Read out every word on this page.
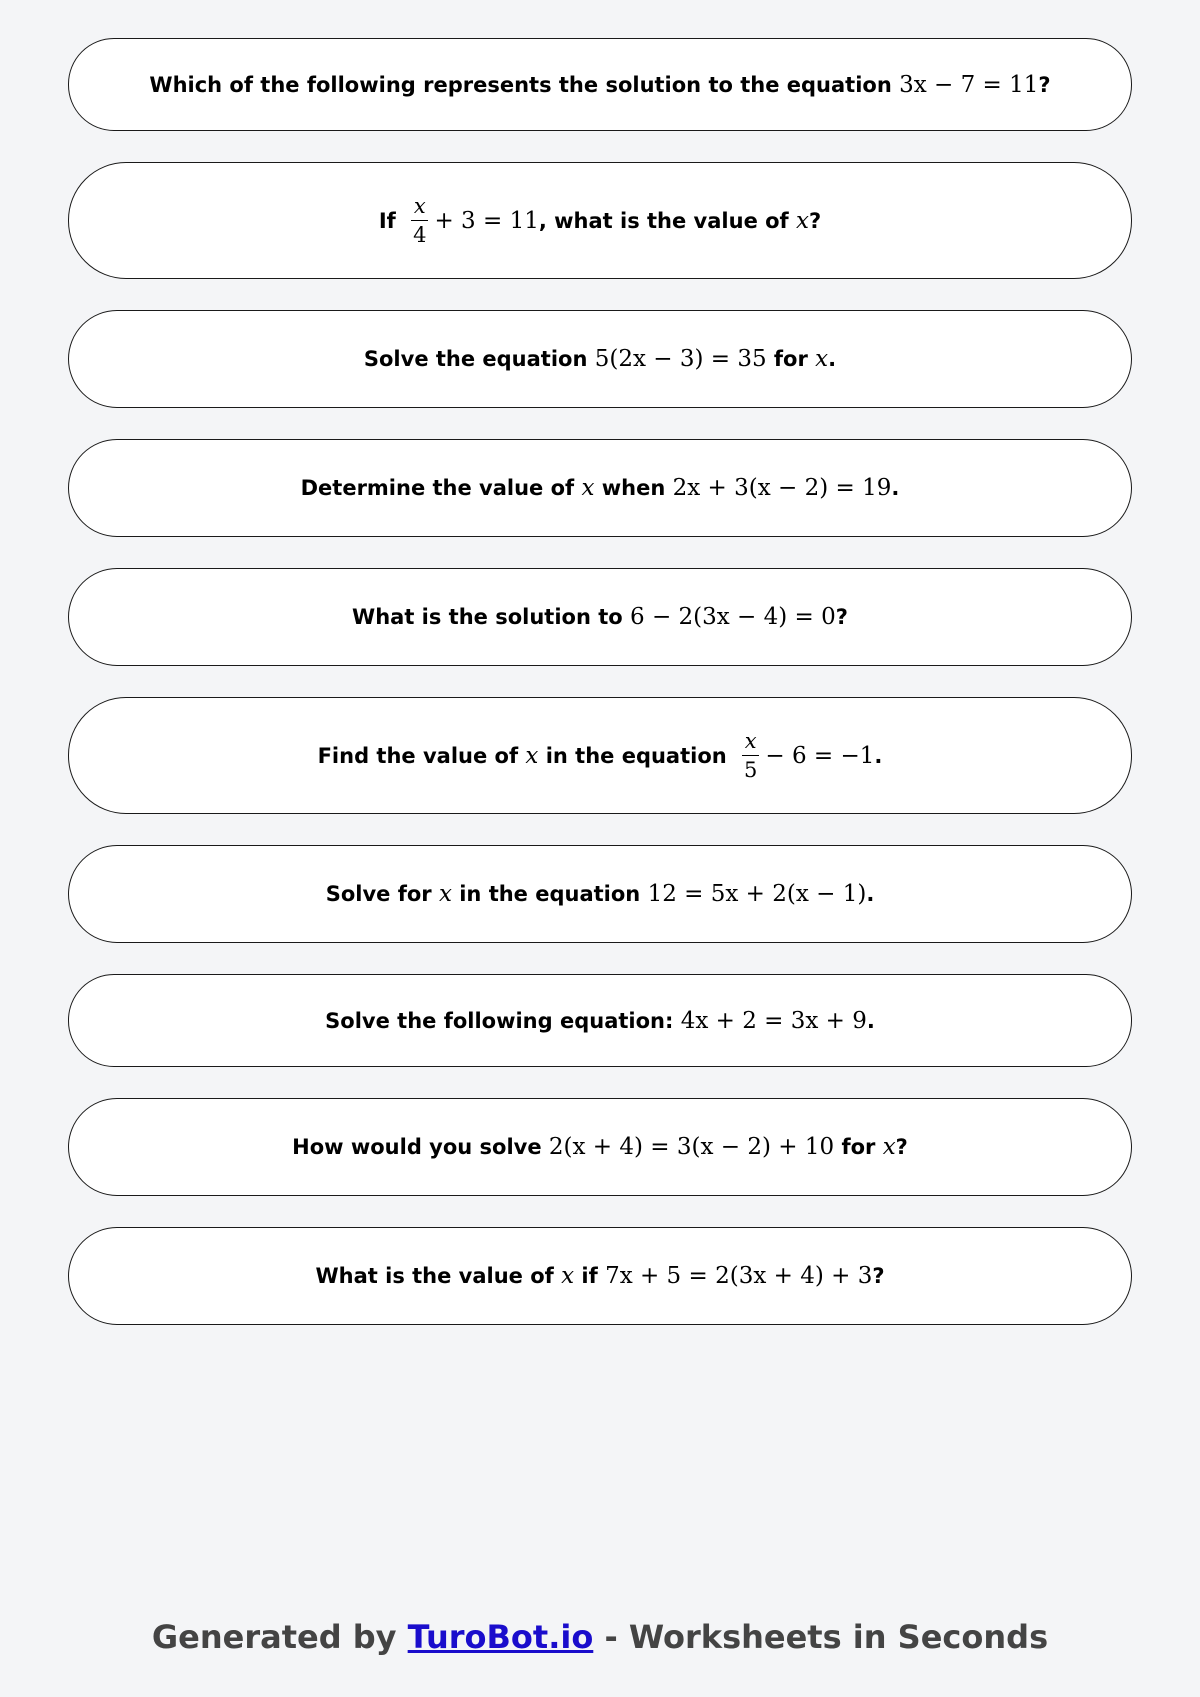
Which of the following represents the solution to the equation 3x − 7 = 11 ?
If $\frac{x}{4} + 3 = 11$ , what is the value of x ?
Solve the equation 5(2x − 3) = 35 for x .
Determine the value of x when 2x + 3(x − 2) = 19 .
What is the solution to 6 − 2(3x − 4) = 0 ?
Find the value of x in the equation $\frac{x}{5} - 6 = -1$ .
Solve for x in the equation 12 = 5x + 2(x − 1) .
Solve the following equation: 4x + 2 = 3x + 9 .
How would you solve 2(x + 4) = 3(x − 2) + 10 for x ?
What is the value of x if 7x + 5 = 2(3x + 4) + 3 ?
Generated by TuroBot.io - Worksheets in Seconds
